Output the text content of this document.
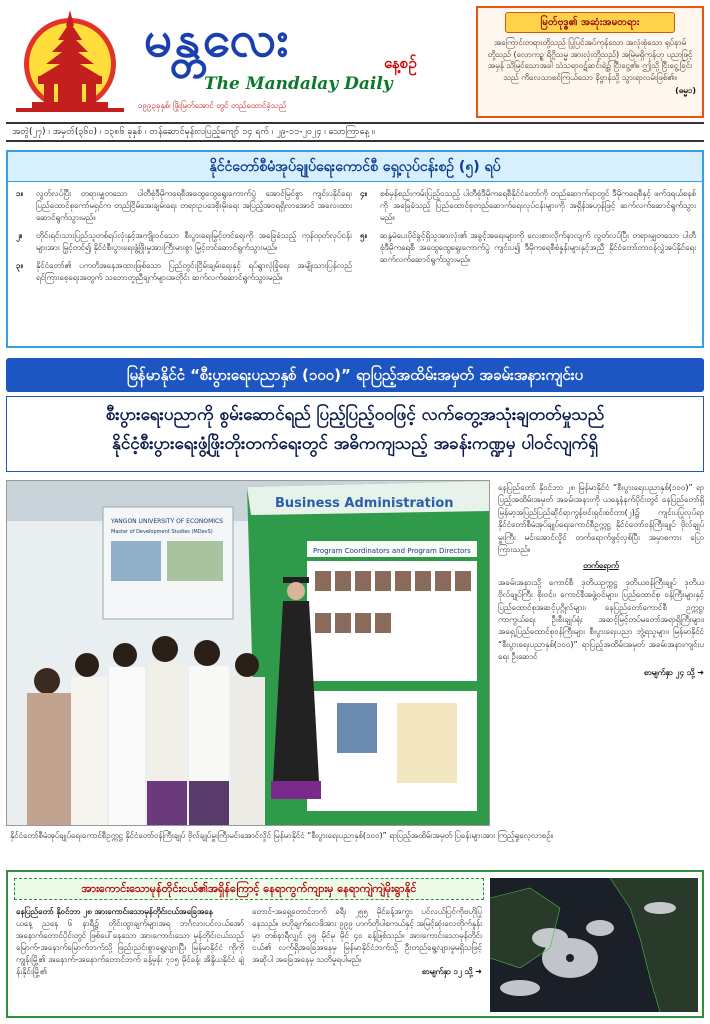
မန္တလေး	နေ့စဉ်
The Mandalay Daily
၁၉၉၃ခုနှစ်၊ ဖြိုးမြတ်အောင် တွင် တည်ထောင်ခဲ့သည်
မြတ်ဗုဒ္ဓ၏ အဆုံးအမတရား
အကြောင်းတရားတို့သည် ပြုပြင်အပ်ကုန်သော အလုံးစုံသော ရုပ်နာမ်တို့သည် (လောကဉ္စ ရိဂ္ဂိသမ္မ အားလုံးတို့သည်) အမြဲမရှိကုန်ဟု ပညာဖြင့် အမှန် သိမြင်သောအခါ သံသရာဝဋ်ဆင်းရဲ၌ ငြီးငွေ့၏။ ဤသို့ ငြီးငွေ့ခြင်းသည် ကိလေသာစင်ကြယ်သော နိဗ္ဗာန်သို့ သွားရာလမ်းဖြစ်၏။
(ဓမ္မ၁)
အတွဲ(၂၇) ၊ အမှတ်(၃၆၀) ၊ ၁၃၈၆ ခုနှစ် ၊ တန်ဆောင်မုန်းလပြည့်ကျော် ၁၄ ရက် ၊ ၂၉-၁၁-၂၀၂၄ ၊ သောကြာနေ့ ။
နိုင်ငံတော်စီမံအုပ်ချုပ်ရေးကောင်စီ ရှေ့လုပ်ငန်းစဉ် (၅) ရပ်
၁။	လွတ်လပ်ပြီး တရားမျှတသော ပါတီစုံဒီမိုကရေစီအထွေထွေရွေးကောက်ပွဲ အောင်မြင်စွာ ကျင်းပနိုင်ရေး ပြည်ထောင်စုကော်မရှင်က တည်ငြိမ်အေးချမ်းရေး တရားဥပဒေစိုးမိုးရေး အပြည့်အဝရရှိလာအောင် အလေးထားဆောင်ရွက်သွားမည်။
၂။	တိုင်းရင်းသားပြည်သူတစ်ရပ်လုံးနှင့်အကျိုးဝင်သော စီးပွားရေးမြှင့်တင်ရေးကို အခြေခံသည့် ကုန်ထုတ်လုပ်ငန်းများအား မြှင့်တင်၍ နိုင်ငံစီးပွားရေးဖွံ့ဖြိုးမှုအားကြီးမားစွာ မြှင့်တင်ဆောင်ရွက်သွားမည်။
၃။	နိုင်ငံတော်၏ ပကတိအနေအထားဖြစ်သော ပြည်တွင်းငြိမ်းချမ်းရေးနှင့် ရပ်ရွာလုံခြုံရေး အမျိုးသားပြန်လည်ရင်ကြားစေ့ရေးအတွက် သဘောတူညီချက်များအတိုင်း ဆက်လက်ဆောင်ရွက်သွားမည်။
၄။	စစ်မှန်စည်းကမ်းပြည့်ဝသည့် ပါတီစုံဒီမိုကရေစီနိုင်ငံတော်ကို တည်ဆောက်ရာတွင် ဒီမိုကရေစီနှင့် ဖက်ဒရယ်စနစ်ကို အခြေခံသည့် ပြည်ထောင်စုတည်ဆောက်ရေးလုပ်ငန်းများကို အရှိန်အဟုန်ဖြင့် ဆက်လက်ဆောင်ရွက်သွားမည်။
၅။	ဆန္ဒမဲပေးပိုင်ခွင့်ရှိသူအားလုံး၏ အခွင့်အရေးများကို လေးစားလိုက်နာလျက် လွတ်လပ်ပြီး တရားမျှတသော ပါတီစုံဒီမိုကရေစီ အထွေထွေရွေးကောက်ပွဲ ကျင်းပ၍ ဒီမိုကရေစီစံနှုန်းများနှင့်အညီ နိုင်ငံတော်တာဝန်လွှဲအပ်နိုင်ရေး ဆက်လက်ဆောင်ရွက်သွားမည်။
မြန်မာနိုင်ငံ “စီးပွားရေးပညာနှစ် (၁၀၀)” ရာပြည့်အထိမ်းအမှတ် အခမ်းအနားကျင်းပ
စီးပွားရေးပညာကို စွမ်းဆောင်ရည် ပြည့်ပြည့်ဝဝဖြင့် လက်တွေ့အသုံးချတတ်မှုသည်
နိုင်ငံ့စီးပွားရေးဖွံ့ဖြိုးတိုးတက်ရေးတွင် အဓိကကျသည့် အခန်းကဏ္ဍမှ ပါဝင်လျက်ရှိ
YANGON UNIVERSITY OF ECONOMICS
Master of Development Studies (MDevS)
Business Administration
Program Coordinators and Program Directors
နိုင်ငံတော်စီမံအုပ်ချုပ်ရေးကောင်စီဥက္ကဋ္ဌ နိုင်ငံတော်ဝန်ကြီးချုပ် ဗိုလ်ချုပ်မှူးကြီးမင်းအောင်လှိုင် မြန်မာနိုင်ငံ “စီးပွားရေးပညာနှစ်(၁၀၀)” ရာပြည့်အထိမ်းအမှတ် ပြခန်းများအား ကြည့်ရှုလေ့လာစဉ်။

နေပြည်တော် နိုဝင်ဘာ ၂၈ မြန်မာနိုင်ငံ “စီးပွားရေးပညာနှစ်(၁၀၀)” ရာပြည့်အထိမ်းအမှတ် အခမ်းအနားကို ယနေ့နံနက်ပိုင်းတွင် နေပြည်တော်ရှိ မြန်မာ့အပြည်ပြည်ဆိုင်ရာကွန်ဗင်းရှင်းစင်တာ(၂)၌ ကျင်းပပြုလုပ်ရာ နိုင်ငံတော်စီမံအုပ်ချုပ်ရေးကောင်စီဥက္ကဋ္ဌ နိုင်ငံတော်ဝန်ကြီးချုပ် ဗိုလ်ချုပ်မှူးကြီး မင်းအောင်လှိုင် တက်ရောက်ဖွင့်လှစ်ပြီး အမှာစကား ပြောကြားသည်။

တက်ရောက်

အခမ်းအနားသို့ ကောင်စီ ဒုတိယဥက္ကဋ္ဌ ဒုတိယဝန်ကြီးချုပ် ဒုတိယဗိုလ်ချုပ်ကြီး စိုးဝင်း၊ ကောင်စီအဖွဲ့ဝင်များ၊ ပြည်ထောင်စု ဝန်ကြီးများနှင့် ပြည်ထောင်စုအဆင့်ပုဂ္ဂိုလ်များ၊ နေပြည်တော်ကောင်စီ ဥက္ကဋ္ဌ၊ ကာကွယ်ရေး ဦးစီးချုပ်ရုံး အဆင့်မြင့်တပ်မတော်အရာရှိကြီးများ၊ အရှေ့ပြည်ထောင်စုဝန်ကြီးများ စီးပွားရေးပညာ ဘွဲ့ရသူများ၊ မြန်မာနိုင်ငံ “စီးပွားရေးပညာနှစ်(၁၀၀)” ရာပြည့်အထိမ်းအမှတ် အခမ်းအနားကျင်းပရေး ဦးဆောင်

စာမျက်နှာ ၂၄ သို့ ➜
အားကောင်းသောမုန်တိုင်းငယ်၏အရှိန်ကြောင့် နေရာကွက်ကျားမှ နေရာကျဲကျဲမိုးရွာနိုင်
နေပြည်တော် နိုဝင်ဘာ ၂၈ အားကောင်းသောမုန်တိုင်းငယ်အခြေအနေ
ယနေ့ ညနေ ၆ နာရီ၌ တိုင်းထွာချက်များအရ ဘင်္ဂလားပင်လယ်အော်အနောက်တောင်ပိုင်းတွင် ဖြစ်ပေါ်နေသော အားကောင်းသော မုန်တိုင်းငယ်သည် မြောက်-အနောက်မြောက်ဘက်သို့ ဖြည်းညင်းစွာရွေ့လျားပြီး မြန်မာနိုင်ငံ ကိုကိုကျွန်းမြို့၏ အနောက်-အနောက်တောင်ဘက် ခန့်မှန်း ၇၁၅ မိုင်ခန့်၊ အိန္ဒိယနိုင်ငံ ချဲန်းနိုင်းမြို့၏
တောင်-အရှေ့တောင်ဘက် ခရီး ၂၅၅ မိုင်ခန့်အကွာ ပင်လယ်ပြင်ကိုဗဟိုပြုနေသည်။ ဗဟိုချက်လေဖိအား ၉၉၉ ဟက်တိုပါစကယ်နှင့် အမြင့်ဆုံးလေတိုက်နှုန်းမှာ တစ်နာရီလျှင် ၃၅ မိုင်မှ မိုင် ၄၀ ခန့်ဖြစ်သည်။ အားကောင်းသောမုန်တိုင်းငယ်၏ လက်ရှိအခြေအနေမှ မြန်မာနိုင်ငံဘက်သို့ ဦးတည်ရွေ့လျားမှုမရှိသဖြင့် အဆိုပါ အခြေအနေမှ သတိမူရပါမည်။
စာမျက်နှာ ၁၂ သို့ ➜
